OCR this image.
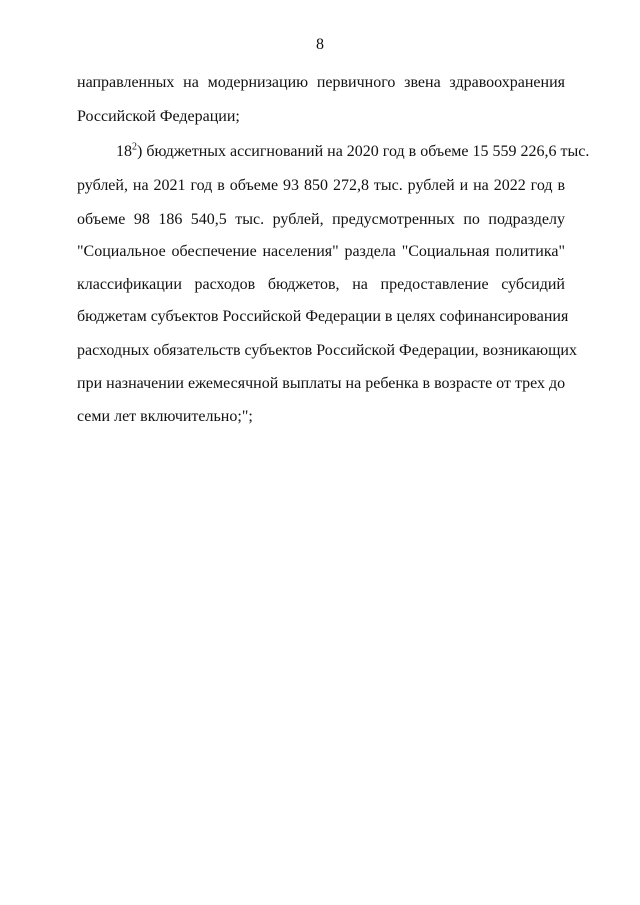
8
направленных на модернизацию первичного звена здравоохранения
Российской Федерации;
$18^2$) бюджетных ассигнований на 2020 год в объеме 15 559 226,6 тыс.
рублей, на 2021 год в объеме 93 850 272,8 тыс. рублей и на 2022 год в
объеме 98 186 540,5 тыс. рублей, предусмотренных по подразделу
"Социальное обеспечение населения" раздела "Социальная политика"
классификации расходов бюджетов, на предоставление субсидий
бюджетам субъектов Российской Федерации в целях софинансирования
расходных обязательств субъектов Российской Федерации, возникающих
при назначении ежемесячной выплаты на ребенка в возрасте от трех до
семи лет включительно;";
